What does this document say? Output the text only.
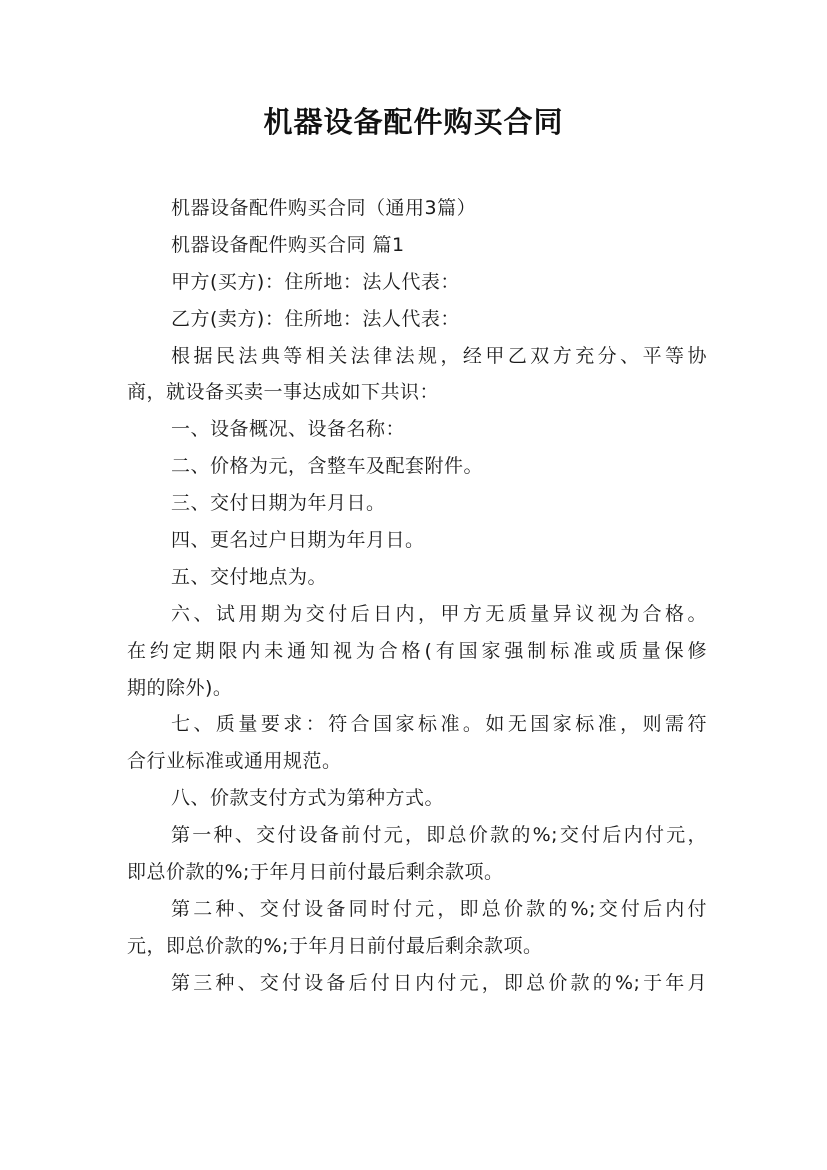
机器设备配件购买合同
机器设备配件购买合同（通用3篇）
机器设备配件购买合同 篇1
甲方(买方)：住所地：法人代表：
乙方(卖方)：住所地：法人代表：
根据民法典等相关法律法规，经甲乙双方充分、平等协
商，就设备买卖一事达成如下共识：
一、设备概况、设备名称：
二、价格为元，含整车及配套附件。
三、交付日期为年月日。
四、更名过户日期为年月日。
五、交付地点为。
六、试用期为交付后日内，甲方无质量异议视为合格。
在约定期限内未通知视为合格(有国家强制标准或质量保修
期的除外)。
七、质量要求：符合国家标准。如无国家标准，则需符
合行业标准或通用规范。
八、价款支付方式为第种方式。
第一种、交付设备前付元，即总价款的%;交付后内付元，
即总价款的%;于年月日前付最后剩余款项。
第二种、交付设备同时付元，即总价款的%;交付后内付
元，即总价款的%;于年月日前付最后剩余款项。
第三种、交付设备后付日内付元，即总价款的%;于年月
